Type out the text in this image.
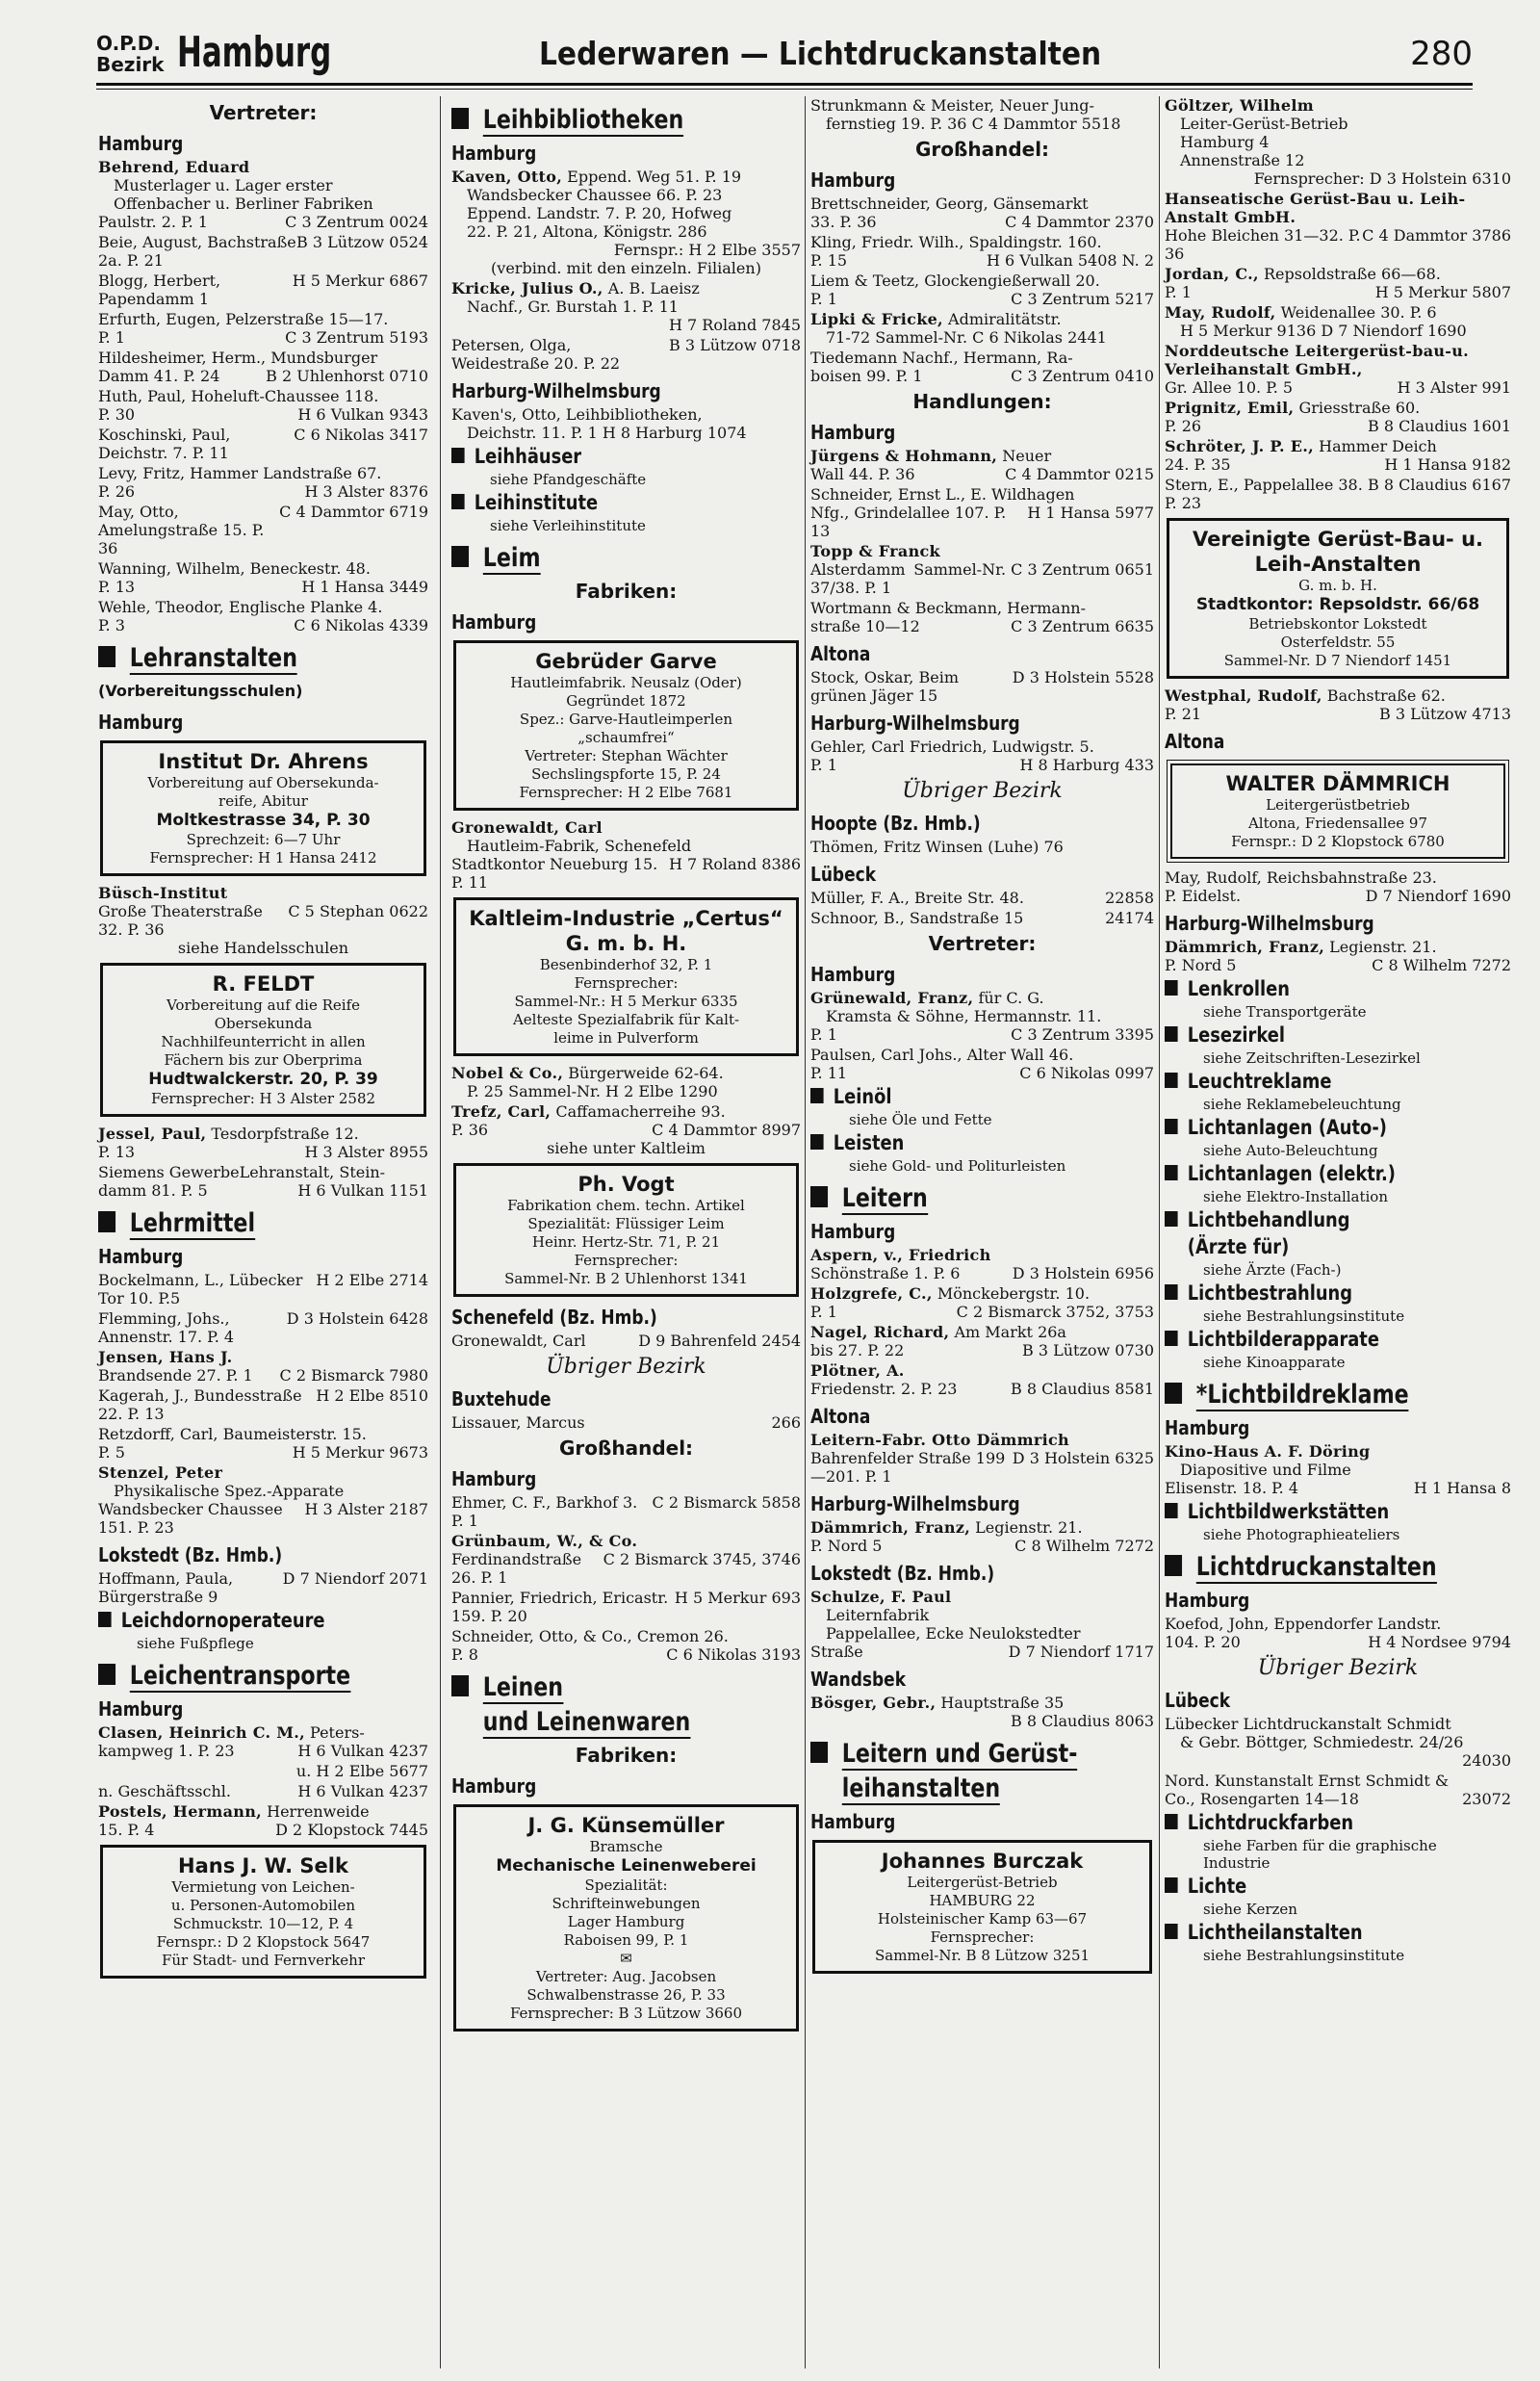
O.P.D.
Bezirk Hamburg	Lederwaren — Lichtdruckanstalten	280
Vertreter:
Hamburg
Behrend, Eduard
Musterlager u. Lager erster
Offenbacher u. Berliner Fabriken
Paulstr. 2. P. 1	C 3 Zentrum 0024
Beie, August, Bachstraße 2a. P. 21
B 3 Lützow 0524
Blogg, Herbert, Papendamm 1
H 5 Merkur 6867
Erfurth, Eugen, Pelzerstraße 15—17.
P. 1	C 3 Zentrum 5193
Hildesheimer, Herm., Mundsburger
Damm 41. P. 24	B 2 Uhlenhorst 0710
Huth, Paul, Hoheluft-Chaussee 118.
P. 30	H 6 Vulkan 9343
Koschinski, Paul, Deichstr. 7. P. 11
C 6 Nikolas 3417
Levy, Fritz, Hammer Landstraße 67.
P. 26	H 3 Alster 8376
May, Otto, Amelungstraße 15. P. 36
C 4 Dammtor 6719
Wanning, Wilhelm, Beneckestr. 48.
P. 13	H 1 Hansa 3449
Wehle, Theodor, Englische Planke 4.
P. 3	C 6 Nikolas 4339
Lehranstalten
(Vorbereitungsschulen)
Hamburg
Institut Dr. Ahrens
Vorbereitung auf Obersekunda-
reife, Abitur
Moltkestrasse 34, P. 30
Sprechzeit: 6—7 Uhr
Fernsprecher: H 1 Hansa 2412
Büsch-Institut
Große Theaterstraße 32. P. 36
C 5 Stephan 0622
siehe Handelsschulen
R. FELDT
Vorbereitung auf die Reife
Obersekunda
Nachhilfeunterricht in allen
Fächern bis zur Oberprima
Hudtwalckerstr. 20, P. 39
Fernsprecher: H 3 Alster 2582
Jessel, Paul, Tesdorpfstraße 12.
P. 13	H 3 Alster 8955
Siemens GewerbeLehranstalt, Stein-
damm 81. P. 5	H 6 Vulkan 1151
Lehrmittel
Hamburg
Bockelmann, L., Lübecker Tor 10. P.5
H 2 Elbe 2714
Flemming, Johs., Annenstr. 17. P. 4
D 3 Holstein 6428
Jensen, Hans J.
Brandsende 27. P. 1 C 2 Bismarck 7980
Kagerah, J., Bundesstraße 22. P. 13
H 2 Elbe 8510
Retzdorff, Carl, Baumeisterstr. 15.
P. 5	H 5 Merkur 9673
Stenzel, Peter
Physikalische Spez.-Apparate
Wandsbecker Chaussee 151. P. 23
H 3 Alster 2187
Lokstedt (Bz. Hmb.)
Hoffmann, Paula, Bürgerstraße 9
D 7 Niendorf 2071
Leichdornoperateure
siehe Fußpflege
Leichentransporte
Hamburg
Clasen, Heinrich C. M., Peters-
kampweg 1. P. 23	H 6 Vulkan 4237
u. H 2 Elbe 5677
n. Geschäftsschl.	H 6 Vulkan 4237
Postels, Hermann, Herrenweide
15. P. 4	D 2 Klopstock 7445
Hans J. W. Selk
Vermietung von Leichen-
u. Personen-Automobilen
Schmuckstr. 10—12, P. 4
Fernspr.: D 2 Klopstock 5647
Für Stadt- und Fernverkehr
Leihbibliotheken
Hamburg
Kaven, Otto, Eppend. Weg 51. P. 19
Wandsbecker Chaussee 66. P. 23
Eppend. Landstr. 7. P. 20, Hofweg
22. P. 21, Altona, Königstr. 286
Fernspr.: H 2 Elbe 3557
(verbind. mit den einzeln. Filialen)
Kricke, Julius O., A. B. Laeisz
Nachf., Gr. Burstah 1. P. 11
H 7 Roland 7845
Petersen, Olga, Weidestraße 20. P. 22
B 3 Lützow 0718
Harburg-Wilhelmsburg
Kaven's, Otto, Leihbibliotheken,
Deichstr. 11. P. 1 H 8 Harburg 1074
Leihhäuser
siehe Pfandgeschäfte
Leihinstitute
siehe Verleihinstitute
Leim
Fabriken:
Hamburg
Gebrüder Garve
Hautleimfabrik. Neusalz (Oder)
Gegründet 1872
Spez.: Garve-Hautleimperlen
„schaumfrei“
Vertreter: Stephan Wächter
Sechslingspforte 15, P. 24
Fernsprecher: H 2 Elbe 7681
Gronewaldt, Carl
Hautleim-Fabrik, Schenefeld
Stadtkontor Neueburg 15. P. 11
H 7 Roland 8386
Kaltleim-Industrie „Certus“ G. m. b. H.
Besenbinderhof 32, P. 1
Fernsprecher:
Sammel-Nr.: H 5 Merkur 6335
Aelteste Spezialfabrik für Kalt-
leime in Pulverform
Nobel & Co., Bürgerweide 62-64.
P. 25 Sammel-Nr. H 2 Elbe 1290
Trefz, Carl, Caffamacherreihe 93.
P. 36	C 4 Dammtor 8997
siehe unter Kaltleim
Ph. Vogt
Fabrikation chem. techn. Artikel
Spezialität: Flüssiger Leim
Heinr. Hertz-Str. 71, P. 21
Fernsprecher:
Sammel-Nr. B 2 Uhlenhorst 1341
Schenefeld (Bz. Hmb.)
Gronewaldt, Carl	D 9 Bahrenfeld 2454
Übriger Bezirk
Buxtehude
Lissauer, Marcus	266
Großhandel:
Hamburg
Ehmer, C. F., Barkhof 3. P. 1
C 2 Bismarck 5858
Grünbaum, W., & Co.
Ferdinandstraße 26. P. 1
C 2 Bismarck 3745, 3746
Pannier, Friedrich, Ericastr. 159. P. 20
H 5 Merkur 693
Schneider, Otto, & Co., Cremon 26.
P. 8	C 6 Nikolas 3193
Leinen
und Leinenwaren
Fabriken:
Hamburg
J. G. Künsemüller
Bramsche
Mechanische Leinenweberei
Spezialität:
Schrifteinwebungen
Lager Hamburg
Raboisen 99, P. 1
✉
Vertreter: Aug. Jacobsen
Schwalbenstrasse 26, P. 33
Fernsprecher: B 3 Lützow 3660
Strunkmann & Meister, Neuer Jung-
fernstieg 19. P. 36 C 4 Dammtor 5518
Großhandel:
Hamburg
Brettschneider, Georg, Gänsemarkt
33. P. 36	C 4 Dammtor 2370
Kling, Friedr. Wilh., Spaldingstr. 160.
P. 15	H 6 Vulkan 5408 N. 2
Liem & Teetz, Glockengießerwall 20.
P. 1	C 3 Zentrum 5217
Lipki & Fricke, Admiralitätstr.
71-72 Sammel-Nr. C 6 Nikolas 2441
Tiedemann Nachf., Hermann, Ra-
boisen 99. P. 1	C 3 Zentrum 0410
Handlungen:
Hamburg
Jürgens & Hohmann, Neuer
Wall 44. P. 36	C 4 Dammtor 0215
Schneider, Ernst L., E. Wildhagen
Nfg., Grindelallee 107. P. 13
H 1 Hansa 5977
Topp & Franck
Alsterdamm 37/38. P. 1
Sammel-Nr. C 3 Zentrum 0651
Wortmann & Beckmann, Hermann-
straße 10—12	C 3 Zentrum 6635
Altona
Stock, Oskar, Beim grünen Jäger 15
D 3 Holstein 5528
Harburg-Wilhelmsburg
Gehler, Carl Friedrich, Ludwigstr. 5.
P. 1	H 8 Harburg 433
Übriger Bezirk
Hoopte (Bz. Hmb.)
Thömen, Fritz Winsen (Luhe) 76
Lübeck
Müller, F. A., Breite Str. 48.	22858
Schnoor, B., Sandstraße 15	24174
Vertreter:
Hamburg
Grünewald, Franz, für C. G.
Kramsta & Söhne, Hermannstr. 11.
P. 1	C 3 Zentrum 3395
Paulsen, Carl Johs., Alter Wall 46.
P. 11	C 6 Nikolas 0997
Leinöl
siehe Öle und Fette
Leisten
siehe Gold- und Politurleisten
Leitern
Hamburg
Aspern, v., Friedrich
Schönstraße 1. P. 6	D 3 Holstein 6956
Holzgrefe, C., Mönckebergstr. 10.
P. 1	C 2 Bismarck 3752, 3753
Nagel, Richard, Am Markt 26a
bis 27. P. 22	B 3 Lützow 0730
Plötner, A.
Friedenstr. 2. P. 23	B 8 Claudius 8581
Altona
Leitern-Fabr. Otto Dämmrich
Bahrenfelder Straße 199—201. P. 1
D 3 Holstein 6325
Harburg-Wilhelmsburg
Dämmrich, Franz, Legienstr. 21.
P. Nord 5	C 8 Wilhelm 7272
Lokstedt (Bz. Hmb.)
Schulze, F. Paul
Leiternfabrik
Pappelallee, Ecke Neulokstedter
Straße	D 7 Niendorf 1717
Wandsbek
Bösger, Gebr., Hauptstraße 35
B 8 Claudius 8063
Leitern und Gerüst-
leihanstalten
Hamburg
Johannes Burczak
Leitergerüst-Betrieb
HAMBURG 22
Holsteinischer Kamp 63—67
Fernsprecher:
Sammel-Nr. B 8 Lützow 3251
Göltzer, Wilhelm
Leiter-Gerüst-Betrieb
Hamburg 4
Annenstraße 12
Fernsprecher: D 3 Holstein 6310
Hanseatische Gerüst-Bau u. Leih-Anstalt GmbH.
Hohe Bleichen 31—32. P. 36
C 4 Dammtor 3786
Jordan, C., Repsoldstraße 66—68.
P. 1	H 5 Merkur 5807
May, Rudolf, Weidenallee 30. P. 6
H 5 Merkur 9136 D 7 Niendorf 1690
Norddeutsche Leitergerüst-bau-u. Verleihanstalt GmbH.,
Gr. Allee 10. P. 5	H 3 Alster 991
Prignitz, Emil, Griesstraße 60.
P. 26	B 8 Claudius 1601
Schröter, J. P. E., Hammer Deich
24. P. 35	H 1 Hansa 9182
Stern, E., Pappelallee 38. P. 23
B 8 Claudius 6167
Vereinigte Gerüst-Bau- u. Leih-Anstalten
G. m. b. H.
Stadtkontor: Repsoldstr. 66/68
Betriebskontor Lokstedt
Osterfeldstr. 55
Sammel-Nr. D 7 Niendorf 1451
Westphal, Rudolf, Bachstraße 62.
P. 21	B 3 Lützow 4713
Altona
WALTER DÄMMRICH
Leitergerüstbetrieb
Altona, Friedensallee 97
Fernspr.: D 2 Klopstock 6780
May, Rudolf, Reichsbahnstraße 23.
P. Eidelst.	D 7 Niendorf 1690
Harburg-Wilhelmsburg
Dämmrich, Franz, Legienstr. 21.
P. Nord 5	C 8 Wilhelm 7272
Lenkrollen
siehe Transportgeräte
Lesezirkel
siehe Zeitschriften-Lesezirkel
Leuchtreklame
siehe Reklamebeleuchtung
Lichtanlagen (Auto-)
siehe Auto-Beleuchtung
Lichtanlagen (elektr.)
siehe Elektro-Installation
Lichtbehandlung
(Ärzte für)
siehe Ärzte (Fach-)
Lichtbestrahlung
siehe Bestrahlungsinstitute
Lichtbilderapparate
siehe Kinoapparate
*Lichtbildreklame
Hamburg
Kino-Haus A. F. Döring
Diapositive und Filme
Elisenstr. 18. P. 4	H 1 Hansa 8
Lichtbildwerkstätten
siehe Photographieateliers
Lichtdruckanstalten
Hamburg
Koefod, John, Eppendorfer Landstr.
104. P. 20	H 4 Nordsee 9794
Übriger Bezirk
Lübeck
Lübecker Lichtdruckanstalt Schmidt
& Gebr. Böttger, Schmiedestr. 24/26
24030
Nord. Kunstanstalt Ernst Schmidt &
Co., Rosengarten 14—18	23072
Lichtdruckfarben
siehe Farben für die graphische
Industrie
Lichte
siehe Kerzen
Lichtheilanstalten
siehe Bestrahlungsinstitute
